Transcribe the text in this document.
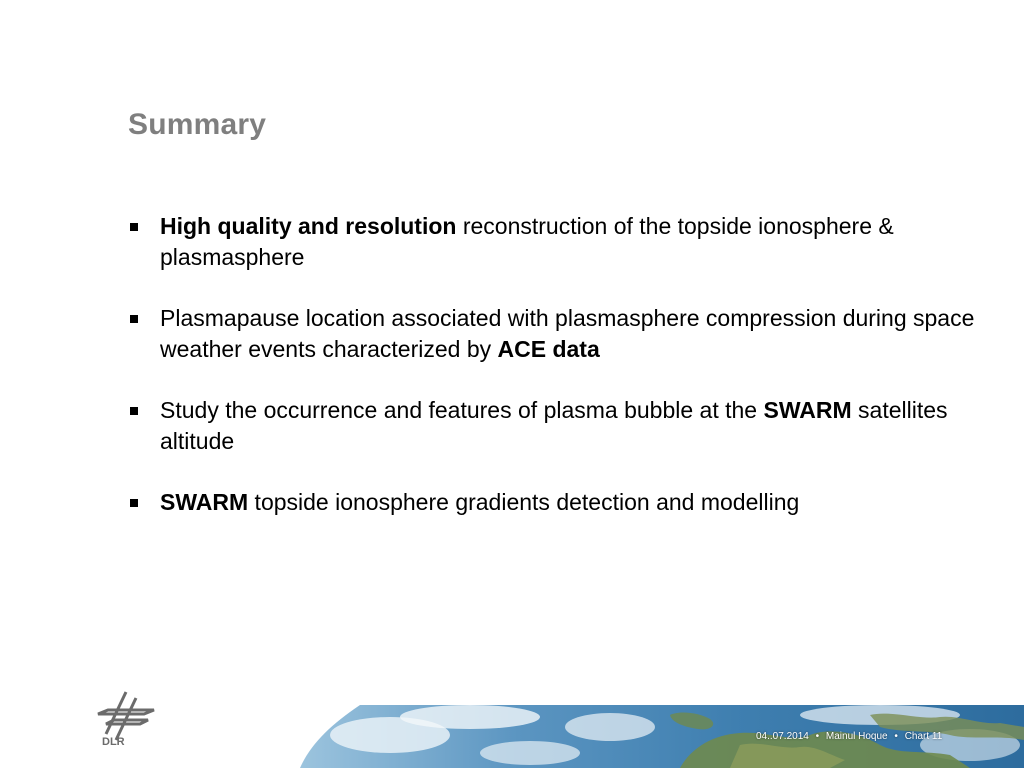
Summary
High quality and resolution reconstruction of the topside ionosphere & plasmasphere
Plasmapause location associated with plasmasphere compression during space weather events characterized by ACE data
Study the occurrence and features of plasma bubble at the SWARM satellites altitude
SWARM topside ionosphere gradients detection and modelling
DLR	04..07.2014 • Mainul Hoque • Chart 11
